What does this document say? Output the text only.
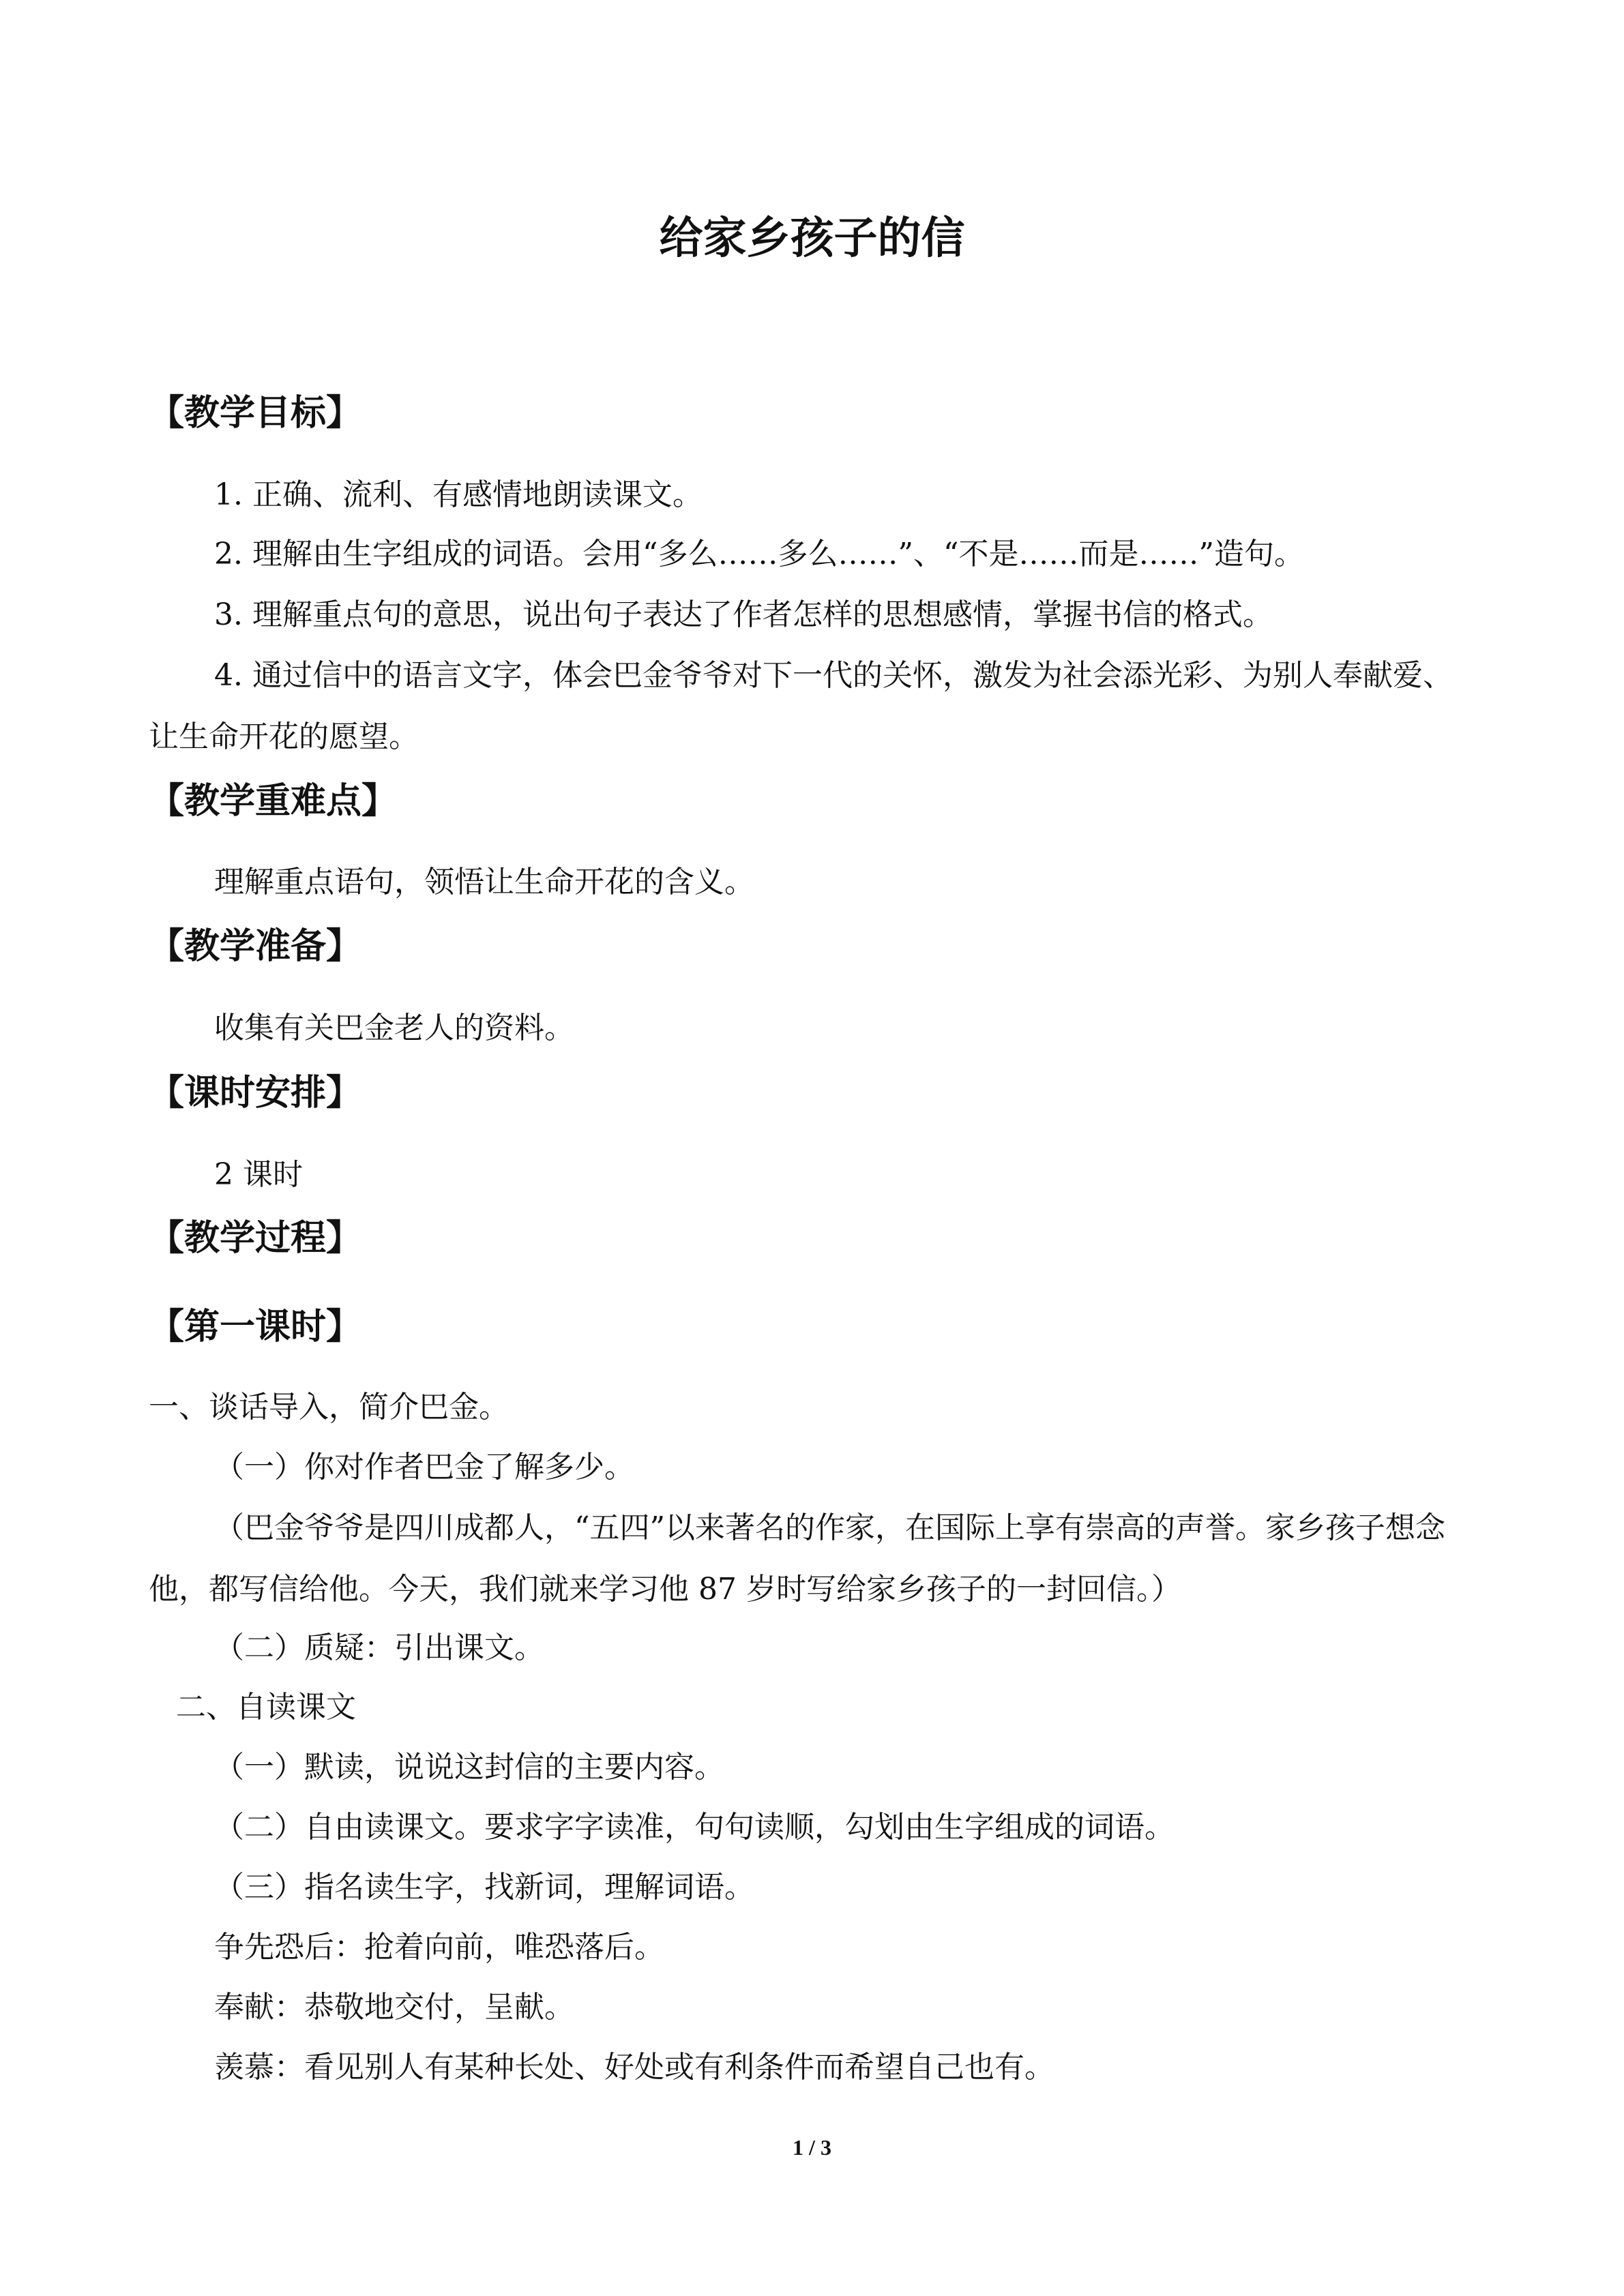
给家乡孩子的信
【教学目标】
1. 正确、流利、有感情地朗读课文。
2. 理解由生字组成的词语。会用“多么……多么……”、“不是……而是……”造句。
3. 理解重点句的意思，说出句子表达了作者怎样的思想感情，掌握书信的格式。
4. 通过信中的语言文字，体会巴金爷爷对下一代的关怀，激发为社会添光彩、为别人奉献爱、让生命开花的愿望。
【教学重难点】
理解重点语句，领悟让生命开花的含义。
【教学准备】
收集有关巴金老人的资料。
【课时安排】
2 课时
【教学过程】
【第一课时】
一、谈话导入，简介巴金。
（一）你对作者巴金了解多少。
（巴金爷爷是四川成都人，“五四”以来著名的作家，在国际上享有崇高的声誉。家乡孩子想念他，都写信给他。今天，我们就来学习他 87 岁时写给家乡孩子的一封回信。）
（二）质疑：引出课文。
二、自读课文
（一）默读，说说这封信的主要内容。
（二）自由读课文。要求字字读准，句句读顺，勾划由生字组成的词语。
（三）指名读生字，找新词，理解词语。
争先恐后：抢着向前，唯恐落后。
奉献：恭敬地交付，呈献。
羡慕：看见别人有某种长处、好处或有利条件而希望自己也有。
1 / 3
